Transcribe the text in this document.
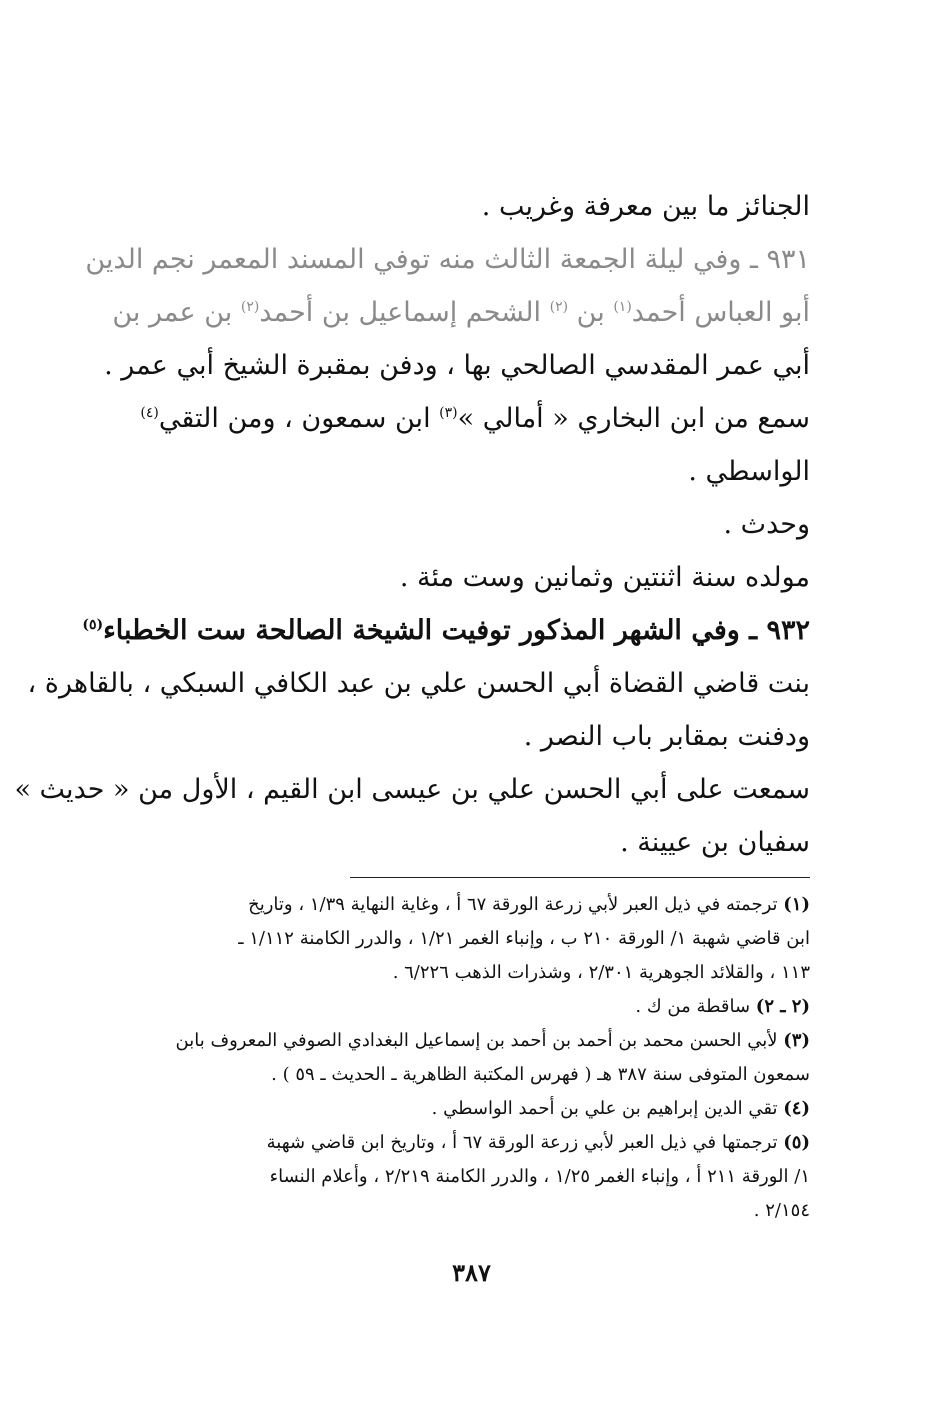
الجنائز ما بين معرفة وغريب .
٩٣١ ـ وفي ليلة الجمعة الثالث منه توفي المسند المعمر نجم الدين
أبو العباس أحمد$^{(١)}$ بن $^{(٢)}$ الشحم إسماعيل بن أحمد$^{(٢)}$ بن عمر بن
أبي عمر المقدسي الصالحي بها ، ودفن بمقبرة الشيخ أبي عمر .
سمع من ابن البخاري « أمالي »$^{(٣)}$ ابن سمعون ، ومن التقي$^{(٤)}$
الواسطي .
وحدث .
مولده سنة اثنتين وثمانين وست مئة .
٩٣٢ ـ وفي الشهر المذكور توفيت الشيخة الصالحة ست الخطباء$^{(٥)}$
بنت قاضي القضاة أبي الحسن علي بن عبد الكافي السبكي ، بالقاهرة ،
ودفنت بمقابر باب النصر .
سمعت على أبي الحسن علي بن عيسى ابن القيم ، الأول من « حديث »
سفيان بن عيينة .
(١) ترجمته في ذيل العبر لأبي زرعة الورقة ٦٧ أ ، وغاية النهاية ١/٣٩ ، وتاريخ
ابن قاضي شهبة ١/ الورقة ٢١٠ ب ، وإنباء الغمر ١/٢١ ، والدرر الكامنة ١/١١٢ ـ
١١٣ ، والقلائد الجوهرية ٢/٣٠١ ، وشذرات الذهب ٦/٢٢٦ .
(٢ ـ ٢) ساقطة من ك .
(٣) لأبي الحسن محمد بن أحمد بن أحمد بن إسماعيل البغدادي الصوفي المعروف بابن
سمعون المتوفى سنة ٣٨٧ هـ ( فهرس المكتبة الظاهرية ـ الحديث ـ ٥٩ ) .
(٤) تقي الدين إبراهيم بن علي بن أحمد الواسطي .
(٥) ترجمتها في ذيل العبر لأبي زرعة الورقة ٦٧ أ ، وتاريخ ابن قاضي شهبة
١/ الورقة ٢١١ أ ، وإنباء الغمر ١/٢٥ ، والدرر الكامنة ٢/٢١٩ ، وأعلام النساء
٢/١٥٤ .
٣٨٧
